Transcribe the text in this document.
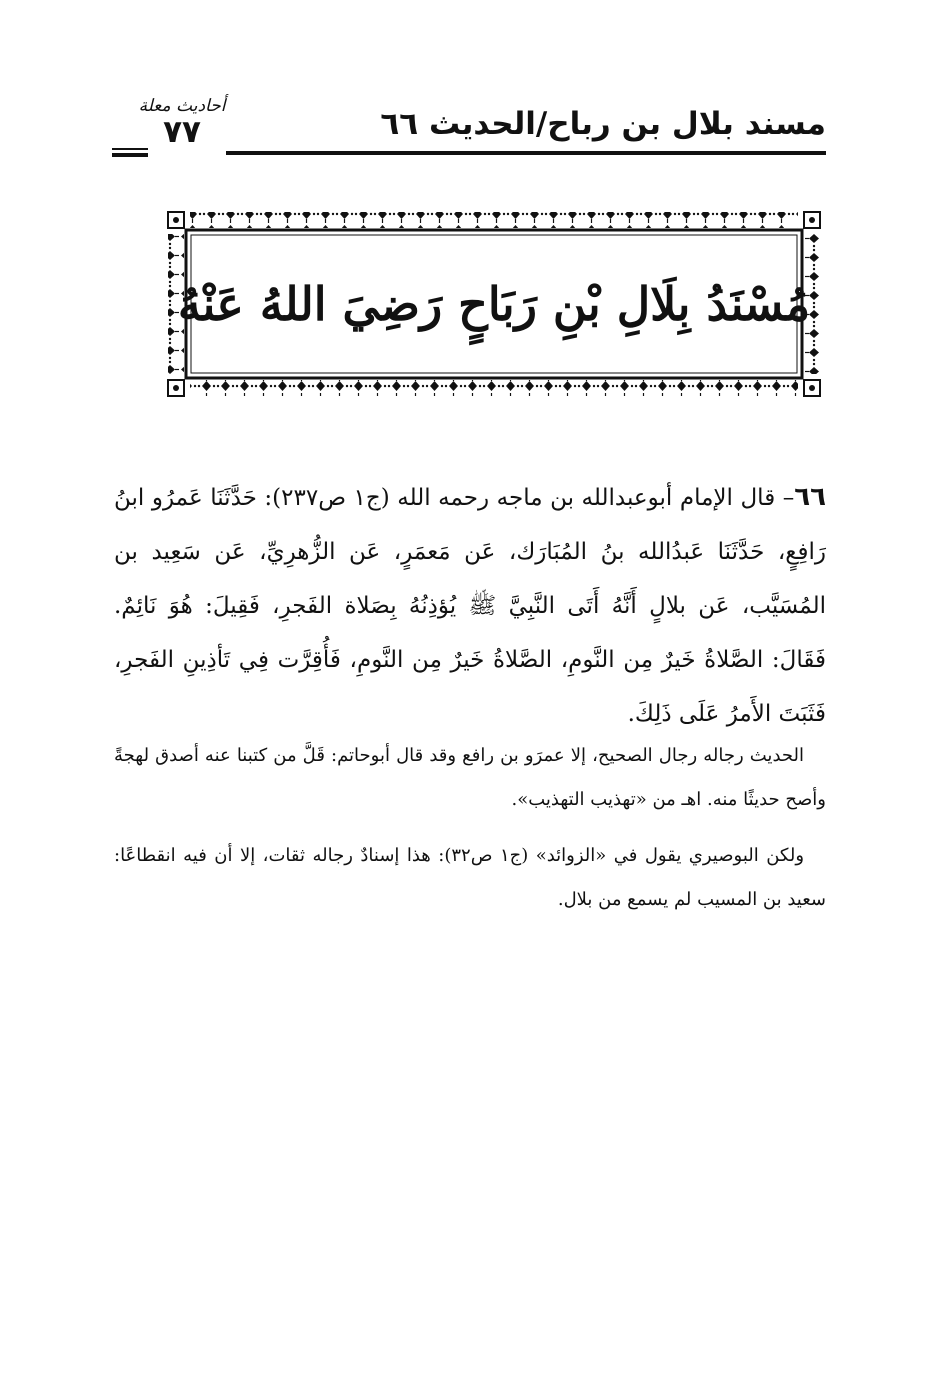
مسند بلال بن رباح/الحديث ٦٦
أحاديث معلة
٧٧
مُسْنَدُ بِلَالِ بْنِ رَبَاحٍ رَضِيَ اللهُ عَنْهُ
٦٦– قال الإمام أبوعبدالله بن ماجه رحمه الله (ج١ ص٢٣٧): حَدَّثَنَا عَمرُو ابنُ رَافِعٍ، حَدَّثَنَا عَبدُالله بنُ المُبَارَك، عَن مَعمَرٍ، عَن الزُّهرِيِّ، عَن سَعِيد بن المُسَيَّب، عَن بلالٍ أَنَّهُ أَتَى النَّبِيَّ ﷺ يُؤذِنُهُ بِصَلاة الفَجرِ، فَقِيلَ: هُوَ نَائِمٌ. فَقَالَ: الصَّلاةُ خَيرٌ مِن النَّومِ، الصَّلاةُ خَيرٌ مِن النَّومِ، فَأُقِرَّت فِي تَأذِينِ الفَجرِ، فَثَبَتَ الأَمرُ عَلَى ذَلِكَ.
الحديث رجاله رجال الصحيح، إلا عمرَو بن رافع وقد قال أبوحاتم: قَلَّ من كتبنا عنه أصدق لهجةً وأصح حديثًا منه. اهـ من «تهذيب التهذيب».
ولكن البوصيري يقول في «الزوائد» (ج١ ص٣٢): هذا إسنادٌ رجاله ثقات، إلا أن فيه انقطاعًا: سعيد بن المسيب لم يسمع من بلال.
